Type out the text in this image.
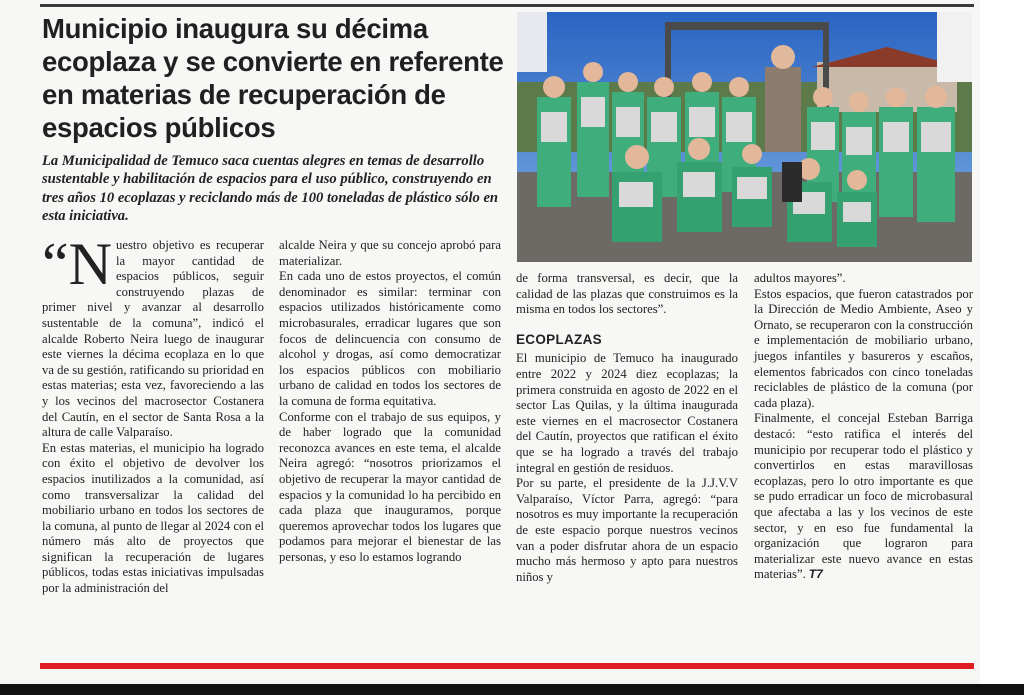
Municipio inaugura su décima ecoplaza y se convierte en referente en materias de recuperación de espacios públicos

La Municipalidad de Temuco saca cuentas alegres en temas de desarrollo sustentable y habilitación de espacios para el uso público, construyendo en tres años 10 ecoplazas y reciclando más de 100 toneladas de plástico sólo en esta iniciativa.

“N uestro objetivo es recuperar la mayor cantidad de espacios públicos, seguir construyendo plazas de primer nivel y avanzar al desarrollo sustentable de la comuna”, indicó el alcalde Roberto Neira luego de inaugurar este viernes la décima ecoplaza en lo que va de su gestión, ratificando su prioridad en estas materias; esta vez, favoreciendo a las y los vecinos del macrosector Costanera del Cautín, en el sector de Santa Rosa a la altura de calle Valparaíso.

En estas materias, el municipio ha logrado con éxito el objetivo de devolver los espacios inutilizados a la comunidad, así como transversalizar la calidad del mobiliario urbano en todos los sectores de la comuna, al punto de llegar al 2024 con el número más alto de proyectos que significan la recuperación de lugares públicos, todas estas iniciativas impulsadas por la administración del

alcalde Neira y que su concejo aprobó para materializar.

En cada uno de estos proyectos, el común denominador es similar: terminar con espacios utilizados históricamente como microbasurales, erradicar lugares que son focos de delincuencia con consumo de alcohol y drogas, así como democratizar los espacios públicos con mobiliario urbano de calidad en todos los sectores de la comuna de forma equitativa.

Conforme con el trabajo de sus equipos, y de haber logrado que la comunidad reconozca avances en este tema, el alcalde Neira agregó: “nosotros priorizamos el objetivo de recuperar la mayor cantidad de espacios y la comunidad lo ha percibido en cada plaza que inauguramos, porque queremos aprovechar todos los lugares que podamos para mejorar el bienestar de las personas, y eso lo estamos logrando

de forma transversal, es decir, que la calidad de las plazas que construimos es la misma en todos los sectores”.

ECOPLAZAS

El municipio de Temuco ha inaugurado entre 2022 y 2024 diez ecoplazas; la primera construida en agosto de 2022 en el sector Las Quilas, y la última inaugurada este viernes en el macrosector Costanera del Cautín, proyectos que ratifican el éxito que se ha logrado a través del trabajo integral en gestión de residuos.

Por su parte, el presidente de la J.J.V.V Valparaíso, Víctor Parra, agregó: “para nosotros es muy importante la recuperación de este espacio porque nuestros vecinos van a poder disfrutar ahora de un espacio mucho más hermoso y apto para nuestros niños y

adultos mayores”.

Estos espacios, que fueron catastrados por la Dirección de Medio Ambiente, Aseo y Ornato, se recuperaron con la construcción e implementación de mobiliario urbano, juegos infantiles y basureros y escaños, elementos fabricados con cinco toneladas reciclables de plástico de la comuna (por cada plaza).

Finalmente, el concejal Esteban Barriga destacó: “esto ratifica el interés del municipio por recuperar todo el plástico y convertirlos en estas maravillosas ecoplazas, pero lo otro importante es que se pudo erradicar un foco de microbasural que afectaba a las y los vecinos de este sector, y en eso fue fundamental la organización que lograron para materializar este nuevo avance en estas materias”. T7
